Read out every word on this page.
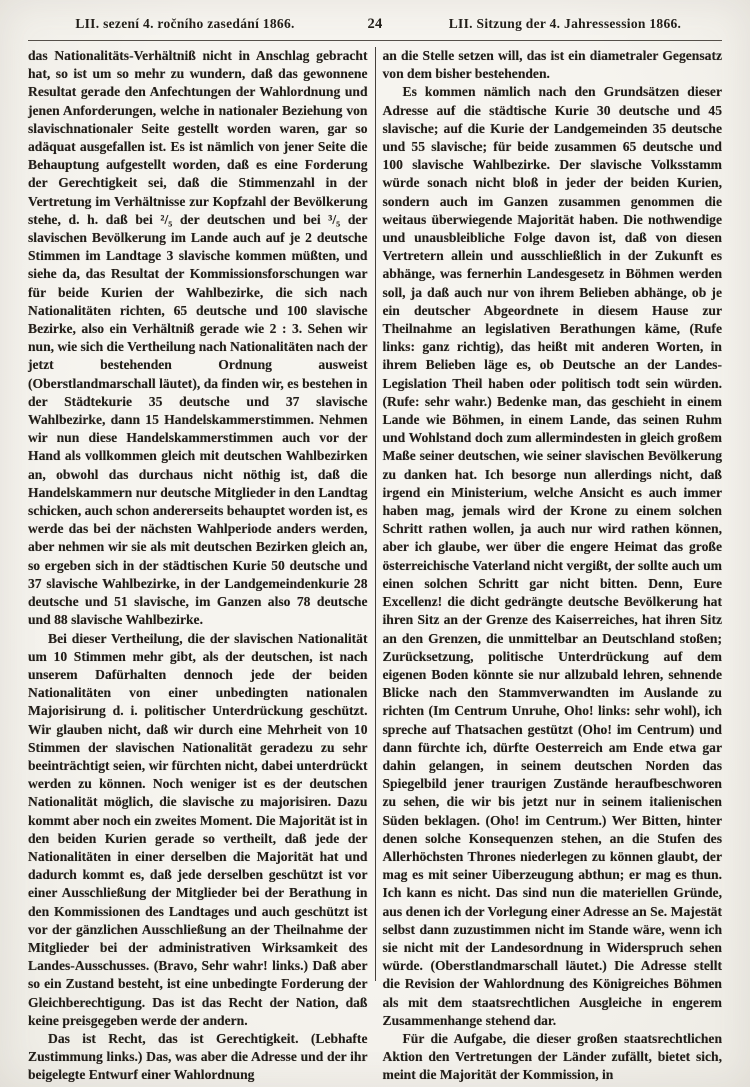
LII. sezení 4. ročního zasedání 1866.	24	LII. Sitzung der 4. Jahressession 1866.

das Nationalitäts-Verhältniß nicht in Anschlag gebracht hat, so ist um so mehr zu wundern, daß das gewonnene Resultat gerade den Anfechtungen der Wahlordnung und jenen Anforderungen, welche in nationaler Beziehung von slavischnationaler Seite gestellt worden waren, gar so adäquat ausgefallen ist. Es ist nämlich von jener Seite die Behauptung aufgestellt worden, daß es eine Forderung der Gerechtigkeit sei, daß die Stimmenzahl in der Vertretung im Verhältnisse zur Kopfzahl der Bevölkerung stehe, d. h. daß bei ²/₅ der deutschen und bei ³/₅ der slavischen Bevölkerung im Lande auch auf je 2 deutsche Stimmen im Landtage 3 slavische kommen müßten, und siehe da, das Resultat der Kommissionsforschungen war für beide Kurien der Wahlbezirke, die sich nach Nationalitäten richten, 65 deutsche und 100 slavische Bezirke, also ein Verhältniß gerade wie 2 : 3. Sehen wir nun, wie sich die Vertheilung nach Nationalitäten nach der jetzt bestehenden Ordnung ausweist (Oberstlandmarschall läutet), da finden wir, es bestehen in der Städtekurie 35 deutsche und 37 slavische Wahlbezirke, dann 15 Handelskammerstimmen. Nehmen wir nun diese Handelskammerstimmen auch vor der Hand als vollkommen gleich mit deutschen Wahlbezirken an, obwohl das durchaus nicht nöthig ist, daß die Handelskammern nur deutsche Mitglieder in den Landtag schicken, auch schon andererseits behauptet worden ist, es werde das bei der nächsten Wahlperiode anders werden, aber nehmen wir sie als mit deutschen Bezirken gleich an, so ergeben sich in der städtischen Kurie 50 deutsche und 37 slavische Wahlbezirke, in der Landgemeindenkurie 28 deutsche und 51 slavische, im Ganzen also 78 deutsche und 88 slavische Wahlbezirke.

Bei dieser Vertheilung, die der slavischen Nationalität um 10 Stimmen mehr gibt, als der deutschen, ist nach unserem Dafürhalten dennoch jede der beiden Nationalitäten von einer unbedingten nationalen Majorisirung d. i. politischer Unterdrückung geschützt. Wir glauben nicht, daß wir durch eine Mehrheit von 10 Stimmen der slavischen Nationalität geradezu zu sehr beeinträchtigt seien, wir fürchten nicht, dabei unterdrückt werden zu können. Noch weniger ist es der deutschen Nationalität möglich, die slavische zu majorisiren. Dazu kommt aber noch ein zweites Moment. Die Majorität ist in den beiden Kurien gerade so vertheilt, daß jede der Nationalitäten in einer derselben die Majorität hat und dadurch kommt es, daß jede derselben geschützt ist vor einer Ausschließung der Mitglieder bei der Berathung in den Kommissionen des Landtages und auch geschützt ist vor der gänzlichen Ausschließung an der Theilnahme der Mitglieder bei der administrativen Wirksamkeit des Landes-Ausschusses. (Bravo, Sehr wahr! links.) Daß aber so ein Zustand besteht, ist eine unbedingte Forderung der Gleichberechtigung. Das ist das Recht der Nation, daß keine preisgegeben werde der andern.

Das ist Recht, das ist Gerechtigkeit. (Lebhafte Zustimmung links.) Das, was aber die Adresse und der ihr beigelegte Entwurf einer Wahlordnung

an die Stelle setzen will, das ist ein diametraler Gegensatz von dem bisher bestehenden.

Es kommen nämlich nach den Grundsätzen dieser Adresse auf die städtische Kurie 30 deutsche und 45 slavische; auf die Kurie der Landgemeinden 35 deutsche und 55 slavische; für beide zusammen 65 deutsche und 100 slavische Wahlbezirke. Der slavische Volksstamm würde sonach nicht bloß in jeder der beiden Kurien, sondern auch im Ganzen zusammen genommen die weitaus überwiegende Majorität haben. Die nothwendige und unausbleibliche Folge davon ist, daß von diesen Vertretern allein und ausschließlich in der Zukunft es abhänge, was fernerhin Landesgesetz in Böhmen werden soll, ja daß auch nur von ihrem Belieben abhänge, ob je ein deutscher Abgeordnete in diesem Hause zur Theilnahme an legislativen Berathungen käme, (Rufe links: ganz richtig), das heißt mit anderen Worten, in ihrem Belieben läge es, ob Deutsche an der Landes-Legislation Theil haben oder politisch todt sein würden. (Rufe: sehr wahr.) Bedenke man, das geschieht in einem Lande wie Böhmen, in einem Lande, das seinen Ruhm und Wohlstand doch zum allermindesten in gleich großem Maße seiner deutschen, wie seiner slavischen Bevölkerung zu danken hat. Ich besorge nun allerdings nicht, daß irgend ein Ministerium, welche Ansicht es auch immer haben mag, jemals wird der Krone zu einem solchen Schritt rathen wollen, ja auch nur wird rathen können, aber ich glaube, wer über die engere Heimat das große österreichische Vaterland nicht vergißt, der sollte auch um einen solchen Schritt gar nicht bitten. Denn, Eure Excellenz! die dicht gedrängte deutsche Bevölkerung hat ihren Sitz an der Grenze des Kaiserreiches, hat ihren Sitz an den Grenzen, die unmittelbar an Deutschland stoßen; Zurücksetzung, politische Unterdrückung auf dem eigenen Boden könnte sie nur allzubald lehren, sehnende Blicke nach den Stammverwandten im Auslande zu richten (Im Centrum Unruhe, Oho! links: sehr wohl), ich spreche auf Thatsachen gestützt (Oho! im Centrum) und dann fürchte ich, dürfte Oesterreich am Ende etwa gar dahin gelangen, in seinem deutschen Norden das Spiegelbild jener traurigen Zustände heraufbeschworen zu sehen, die wir bis jetzt nur in seinem italienischen Süden beklagen. (Oho! im Centrum.) Wer Bitten, hinter denen solche Konsequenzen stehen, an die Stufen des Allerhöchsten Thrones niederlegen zu können glaubt, der mag es mit seiner Uiberzeugung abthun; er mag es thun. Ich kann es nicht. Das sind nun die materiellen Gründe, aus denen ich der Vorlegung einer Adresse an Se. Majestät selbst dann zuzustimmen nicht im Stande wäre, wenn ich sie nicht mit der Landesordnung in Widerspruch sehen würde. (Oberstlandmarschall läutet.) Die Adresse stellt die Revision der Wahlordnung des Königreiches Böhmen als mit dem staatsrechtlichen Ausgleiche in engerem Zusammenhange stehend dar.

Für die Aufgabe, die dieser großen staatsrechtlichen Aktion den Vertretungen der Länder zufällt, bietet sich, meint die Majorität der Kommission, in
